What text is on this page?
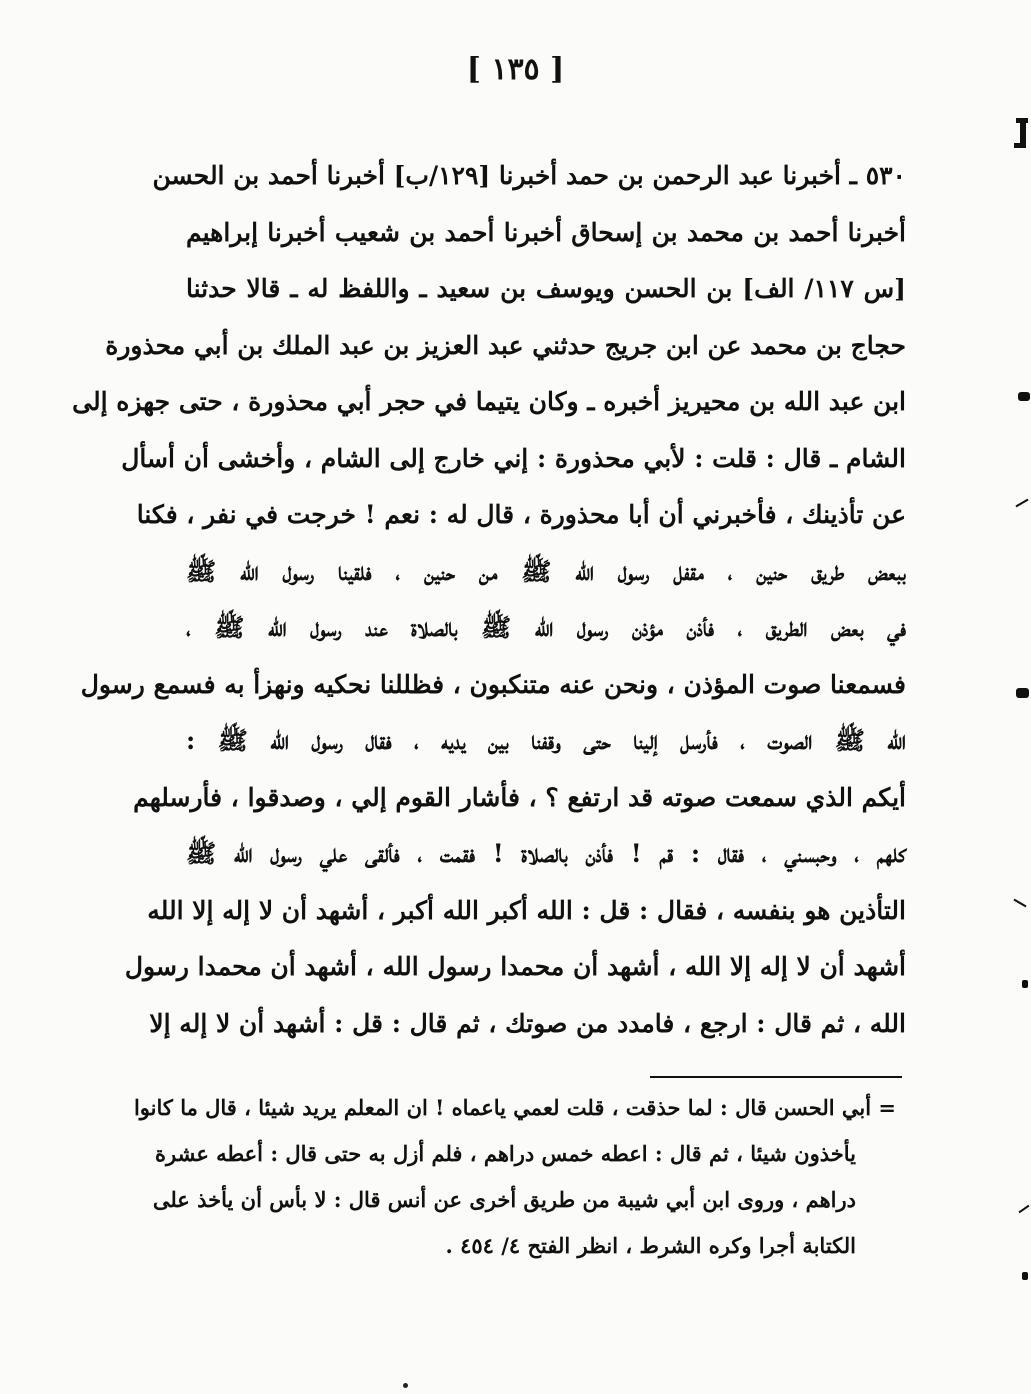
[ ١٣٥ ]
٥٣٠ ـ أخبرنا عبد الرحمن بن حمد أخبرنا [١٢٩/ب] أخبرنا أحمد بن الحسن
أخبرنا أحمد بن محمد بن إسحاق أخبرنا أحمد بن شعيب أخبرنا إبراهيم
[س ١١٧/ الف] بن الحسن ويوسف بن سعيد ـ واللفظ له ـ قالا حدثنا
حجاج بن محمد عن ابن جريج حدثني عبد العزيز بن عبد الملك بن أبي محذورة
ابن عبد الله بن محيريز أخبره ـ وكان يتيما في حجر أبي محذورة ، حتى جهزه إلى
الشام ـ قال : قلت : لأبي محذورة : إني خارج إلى الشام ، وأخشى أن أسأل
عن تأذينك ، فأخبرني أن أبا محذورة ، قال له : نعم ! خرجت في نفر ، فكنا
ببعض طريق حنين ، مقفل رسول الله ﷺ من حنين ، فلقينا رسول الله ﷺ
في بعض الطريق ، فأذن مؤذن رسول الله ﷺ بالصلاة عند رسول الله ﷺ ،
فسمعنا صوت المؤذن ، ونحن عنه متنكبون ، فظللنا نحكيه ونهزأ به فسمع رسول
الله ﷺ الصوت ، فأرسل إلينا حتى وقفنا بين يديه ، فقال رسول الله ﷺ :
أيكم الذي سمعت صوته قد ارتفع ؟ ، فأشار القوم إلي ، وصدقوا ، فأرسلهم
كلهم ، وحبسني ، فقال : قم ! فأذن بالصلاة ! فقمت ، فألقى علي رسول الله ﷺ
التأذين هو بنفسه ، فقال : قل : الله أكبر الله أكبر ، أشهد أن لا إله إلا الله
أشهد أن لا إله إلا الله ، أشهد أن محمدا رسول الله ، أشهد أن محمدا رسول
الله ، ثم قال : ارجع ، فامدد من صوتك ، ثم قال : قل : أشهد أن لا إله إلا
= أبي الحسن قال : لما حذقت ، قلت لعمي ياعماه ! ان المعلم يريد شيئا ، قال ما كانوا
يأخذون شيئا ، ثم قال : اعطه خمس دراهم ، فلم أزل به حتى قال : أعطه عشرة
دراهم ، وروى ابن أبي شيبة من طريق أخرى عن أنس قال : لا بأس أن يأخذ على
الكتابة أجرا وكره الشرط ، انظر الفتح ٤/ ٤٥٤ .
